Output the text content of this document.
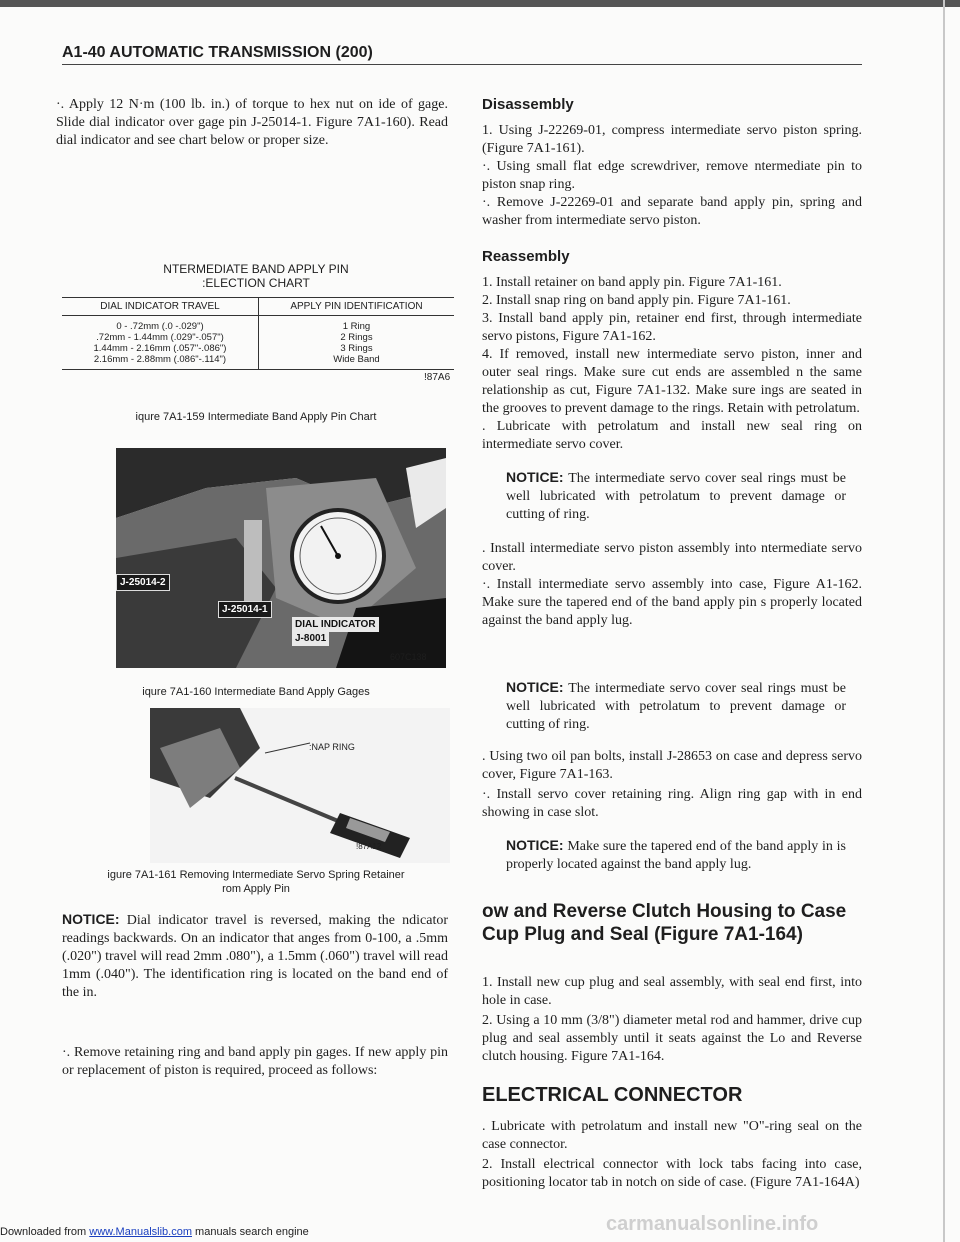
A1-40 AUTOMATIC TRANSMISSION (200)

·. Apply 12 N·m (100 lb. in.) of torque to hex nut on ide of gage. Slide dial indicator over gage pin J-25014-1. Figure 7A1-160). Read dial indicator and see chart below or proper size.

NTERMEDIATE BAND APPLY PIN
:ELECTION CHART
DIAL INDICATOR TRAVEL	APPLY PIN IDENTIFICATION
0 - .72mm (.0 -.029")	1 Ring
.72mm - 1.44mm (.029"-.057")	2 Rings
1.44mm - 2.16mm (.057"-.086")	3 Rings
2.16mm - 2.88mm (.086"-.114")	Wide Band
!87A6
iqure 7A1-159 Intermediate Band Apply Pin Chart
J-25014-2
J-25014-1
DIAL INDICATOR
J-8001
607C138
iqure 7A1-160 Intermediate Band Apply Gages
:NAP RING
!87A12
igure 7A1-161 Removing Intermediate Servo Spring Retainer
rom Apply Pin

NOTICE: Dial indicator travel is reversed, making the ndicator readings backwards. On an indicator that anges from 0-100, a .5mm (.020") travel will read 2mm .080"), a 1.5mm (.060") travel will read 1mm (.040"). The identification ring is located on the band end of the in.

·. Remove retaining ring and band apply pin gages. If new apply pin or replacement of piston is required, proceed as follows:

Disassembly

1. Using J-22269-01, compress intermediate servo piston spring. (Figure 7A1-161).

·. Using small flat edge screwdriver, remove ntermediate pin to piston snap ring.

·. Remove J-22269-01 and separate band apply pin, spring and washer from intermediate servo piston.

Reassembly

1. Install retainer on band apply pin. Figure 7A1-161.

2. Install snap ring on band apply pin. Figure 7A1-161.

3. Install band apply pin, retainer end first, through intermediate servo pistons, Figure 7A1-162.

4. If removed, install new intermediate servo piston, inner and outer seal rings. Make sure cut ends are assembled n the same relationship as cut, Figure 7A1-132. Make sure ings are seated in the grooves to prevent damage to the rings. Retain with petrolatum.

. Lubricate with petrolatum and install new seal ring on intermediate servo cover.

NOTICE: The intermediate servo cover seal rings must be well lubricated with petrolatum to prevent damage or cutting of ring.

. Install intermediate servo piston assembly into ntermediate servo cover.

·. Install intermediate servo assembly into case, Figure A1-162. Make sure the tapered end of the band apply pin s properly located against the band apply lug.

NOTICE: The intermediate servo cover seal rings must be well lubricated with petrolatum to prevent damage or cutting of ring.

. Using two oil pan bolts, install J-28653 on case and depress servo cover, Figure 7A1-163.

·. Install servo cover retaining ring. Align ring gap with in end showing in case slot.

NOTICE: Make sure the tapered end of the band apply in is properly located against the band apply lug.

ow and Reverse Clutch Housing to Case Cup Plug and Seal (Figure 7A1-164)

1. Install new cup plug and seal assembly, with seal end first, into hole in case.

2. Using a 10 mm (3/8") diameter metal rod and hammer, drive cup plug and seal assembly until it seats against the Lo and Reverse clutch housing. Figure 7A1-164.

ELECTRICAL CONNECTOR

. Lubricate with petrolatum and install new "O"-ring seal on the case connector.

2. Install electrical connector with lock tabs facing into case, positioning locator tab in notch on side of case. (Figure 7A1-164A)

carmanualsonline.info
Downloaded from www.Manualslib.com manuals search engine
